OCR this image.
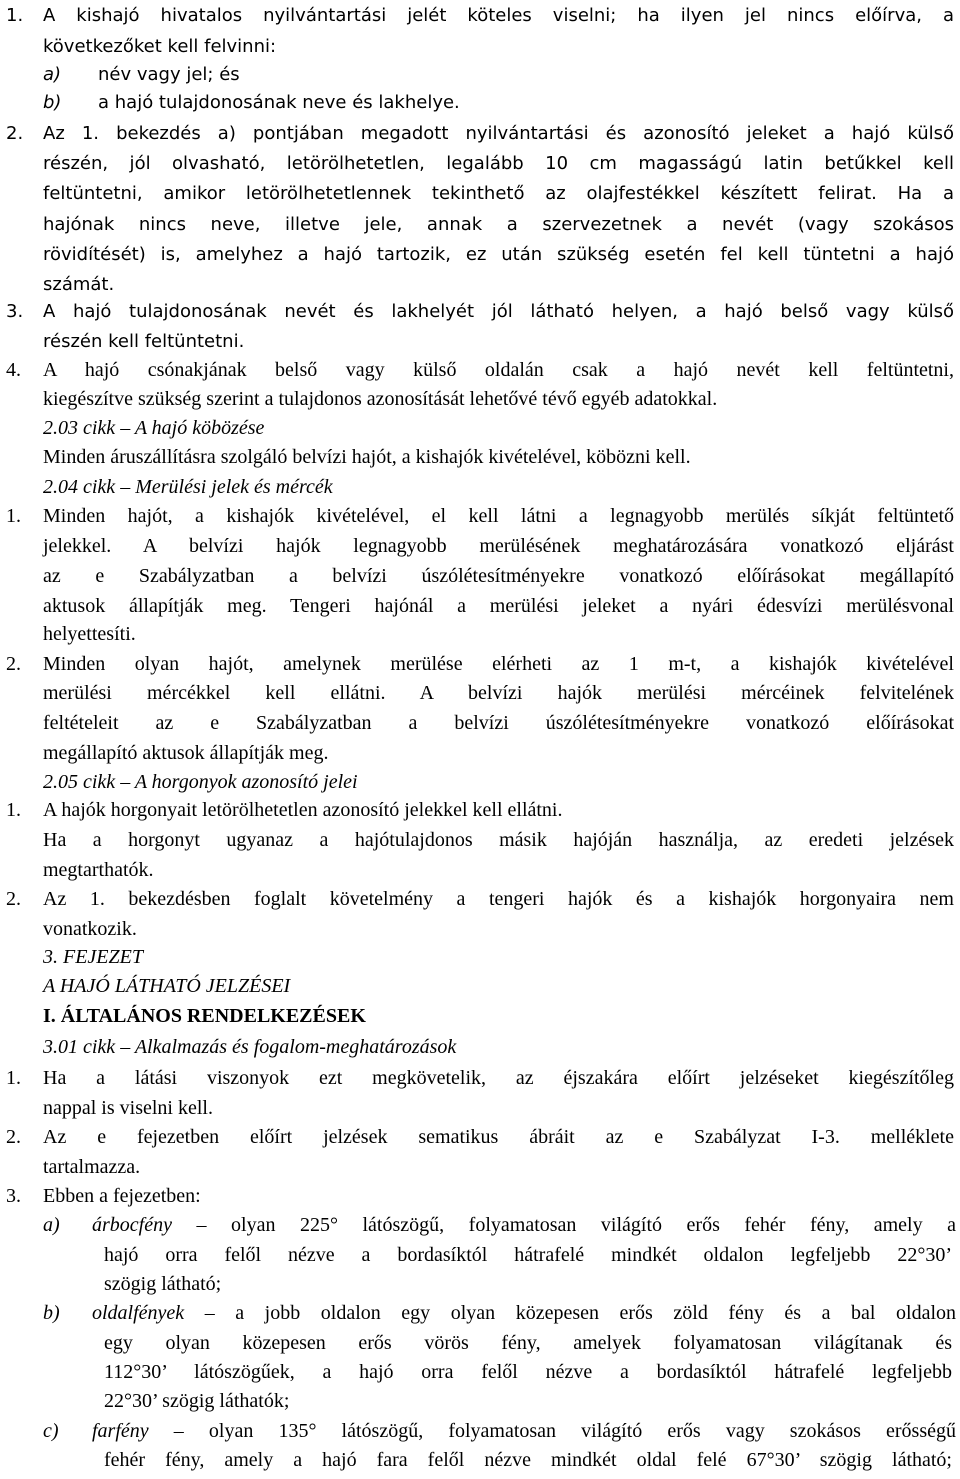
1. A kishajó hivatalos nyilvántartási jelét köteles viselni; ha ilyen jel nincs előírva, a
következőket kell felvinni:
a) név vagy jel; és
b) a hajó tulajdonosának neve és lakhelye.
2. Az 1. bekezdés a) pontjában megadott nyilvántartási és azonosító jeleket a hajó külső
részén, jól olvasható, letörölhetetlen, legalább 10 cm magasságú latin betűkkel kell
feltüntetni, amikor letörölhetetlennek tekinthető az olajfestékkel készített felirat. Ha a
hajónak nincs neve, illetve jele, annak a szervezetnek a nevét (vagy szokásos
rövidítését) is, amelyhez a hajó tartozik, ez után szükség esetén fel kell tüntetni a hajó
számát.
3. A hajó tulajdonosának nevét és lakhelyét jól látható helyen, a hajó belső vagy külső
részén kell feltüntetni.
4. A hajó csónakjának belső vagy külső oldalán csak a hajó nevét kell feltüntetni,
kiegészítve szükség szerint a tulajdonos azonosítását lehetővé tévő egyéb adatokkal.
2.03 cikk – A hajó köbözése
Minden áruszállításra szolgáló belvízi hajót, a kishajók kivételével, köbözni kell.
2.04 cikk – Merülési jelek és mércék
1. Minden hajót, a kishajók kivételével, el kell látni a legnagyobb merülés síkját feltüntető
jelekkel. A belvízi hajók legnagyobb merülésének meghatározására vonatkozó eljárást
az e Szabályzatban a belvízi úszólétesítményekre vonatkozó előírásokat megállapító
aktusok állapítják meg. Tengeri hajónál a merülési jeleket a nyári édesvízi merülésvonal
helyettesíti.
2. Minden olyan hajót, amelynek merülése elérheti az 1 m-t, a kishajók kivételével
merülési mércékkel kell ellátni. A belvízi hajók merülési mércéinek felvitelének
feltételeit az e Szabályzatban a belvízi úszólétesítményekre vonatkozó előírásokat
megállapító aktusok állapítják meg.
2.05 cikk – A horgonyok azonosító jelei
1. A hajók horgonyait letörölhetetlen azonosító jelekkel kell ellátni.
Ha a horgonyt ugyanaz a hajótulajdonos másik hajóján használja, az eredeti jelzések
megtarthatók.
2. Az 1. bekezdésben foglalt követelmény a tengeri hajók és a kishajók horgonyaira nem
vonatkozik.
3. FEJEZET
A HAJÓ LÁTHATÓ JELZÉSEI
I. ÁLTALÁNOS RENDELKEZÉSEK
3.01 cikk – Alkalmazás és fogalom-meghatározások
1. Ha a látási viszonyok ezt megkövetelik, az éjszakára előírt jelzéseket kiegészítőleg
nappal is viselni kell.
2. Az e fejezetben előírt jelzések sematikus ábráit az e Szabályzat I-3. melléklete
tartalmazza.
3. Ebben a fejezetben:
a) árbocfény – olyan 225° látószögű, folyamatosan világító erős fehér fény, amely a
hajó orra felől nézve a bordasíktól hátrafelé mindkét oldalon legfeljebb 22°30’
szögig látható;
b) oldalfények – a jobb oldalon egy olyan közepesen erős zöld fény és a bal oldalon
egy olyan közepesen erős vörös fény, amelyek folyamatosan világítanak és
112°30’ látószögűek, a hajó orra felől nézve a bordasíktól hátrafelé legfeljebb
22°30’ szögig láthatók;
c) farfény – olyan 135° látószögű, folyamatosan világító erős vagy szokásos erősségű
fehér fény, amely a hajó fara felől nézve mindkét oldal felé 67°30’ szögig látható;
